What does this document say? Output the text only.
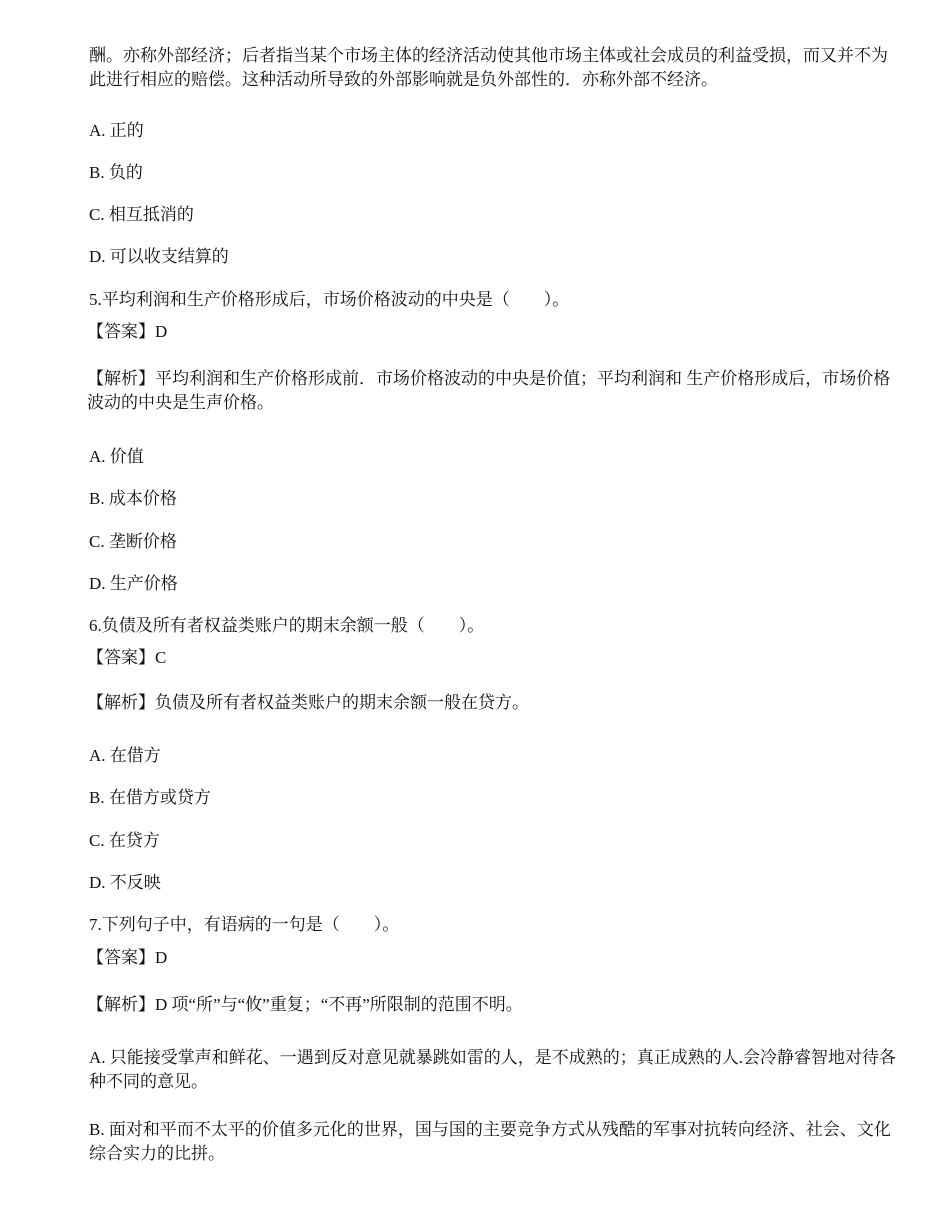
酬。亦称外部经济；后者指当某个市场主体的经济活动使其他市场主体或社会成员的利益受损，而又并不为此进行相应的赔偿。这种活动所导致的外部影响就是负外部性的．亦称外部不经济。

A. 正的

B. 负的

C. 相互抵消的

D. 可以收支结算的

5.平均利润和生产价格形成后，市场价格波动的中央是（　　）。

【答案】D

【解析】平均利润和生产价格形成前．市场价格波动的中央是价值；平均利润和 生产价格形成后，市场价格波动的中央是生声价格。

A. 价值

B. 成本价格

C. 垄断价格

D. 生产价格

6.负债及所有者权益类账户的期末余额一般（　　）。

【答案】C

【解析】负债及所有者权益类账户的期末余额一般在贷方。

A. 在借方

B. 在借方或贷方

C. 在贷方

D. 不反映

7.下列句子中，有语病的一句是（　　）。

【答案】D

【解析】D 项“所”与“攸”重复；“不再”所限制的范围不明。

A. 只能接受掌声和鲜花、一遇到反对意见就暴跳如雷的人，是不成熟的；真正成熟的人.会冷静睿智地对待各种不同的意见。

B. 面对和平而不太平的价值多元化的世界，国与国的主要竞争方式从残酷的军事对抗转向经济、社会、文化综合实力的比拼。
